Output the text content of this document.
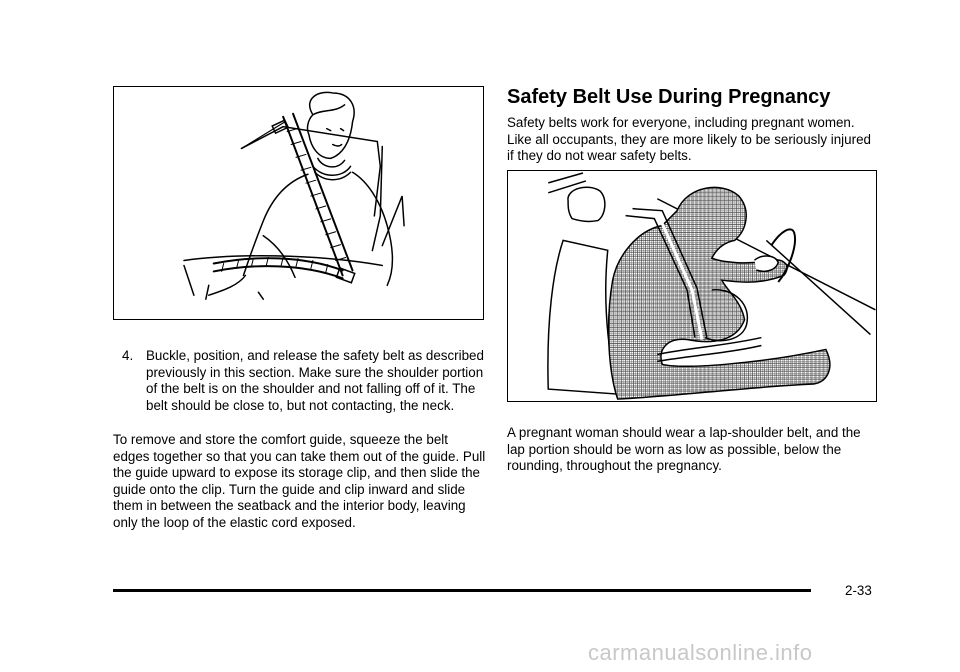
4. Buckle, position, and release the safety belt as described previously in this section. Make sure the shoulder portion of the belt is on the shoulder and not falling off of it. The belt should be close to, but not contacting, the neck.

To remove and store the comfort guide, squeeze the belt edges together so that you can take them out of the guide. Pull the guide upward to expose its storage clip, and then slide the guide onto the clip. Turn the guide and clip inward and slide them in between the seatback and the interior body, leaving only the loop of the elastic cord exposed.

Safety Belt Use During Pregnancy

Safety belts work for everyone, including pregnant women. Like all occupants, they are more likely to be seriously injured if they do not wear safety belts.

A pregnant woman should wear a lap-shoulder belt, and the lap portion should be worn as low as possible, below the rounding, throughout the pregnancy.

2-33
carmanualsonline.info
